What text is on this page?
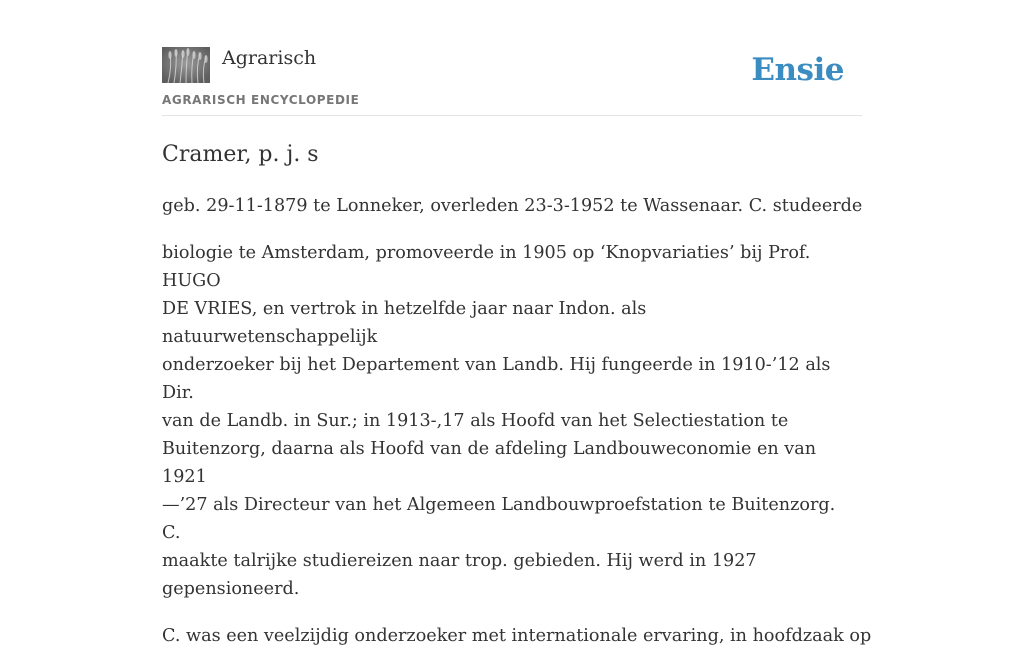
Agrarisch
AGRARISCH ENCYCLOPEDIE
Ensie
Cramer, p. j. s

geb. 29-11-1879 te Lonneker, overleden 23-3-1952 te Wassenaar. C. studeerde

biologie te Amsterdam, promoveerde in 1905 op ‘Knopvariaties’ bij Prof. HUGO
DE VRIES, en vertrok in hetzelfde jaar naar Indon. als natuurwetenschappelijk
onderzoeker bij het Departement van Landb. Hij fungeerde in 1910-’12 als Dir.
van de Landb. in Sur.; in 1913-,17 als Hoofd van het Selectiestation te
Buitenzorg, daarna als Hoofd van de afdeling Landbouweconomie en van 1921
—’27 als Directeur van het Algemeen Landbouwproefstation te Buitenzorg. C.
maakte talrijke studiereizen naar trop. gebieden. Hij werd in 1927
gepensioneerd.

C. was een veelzijdig onderzoeker met internationale ervaring, in hoofdzaak op
